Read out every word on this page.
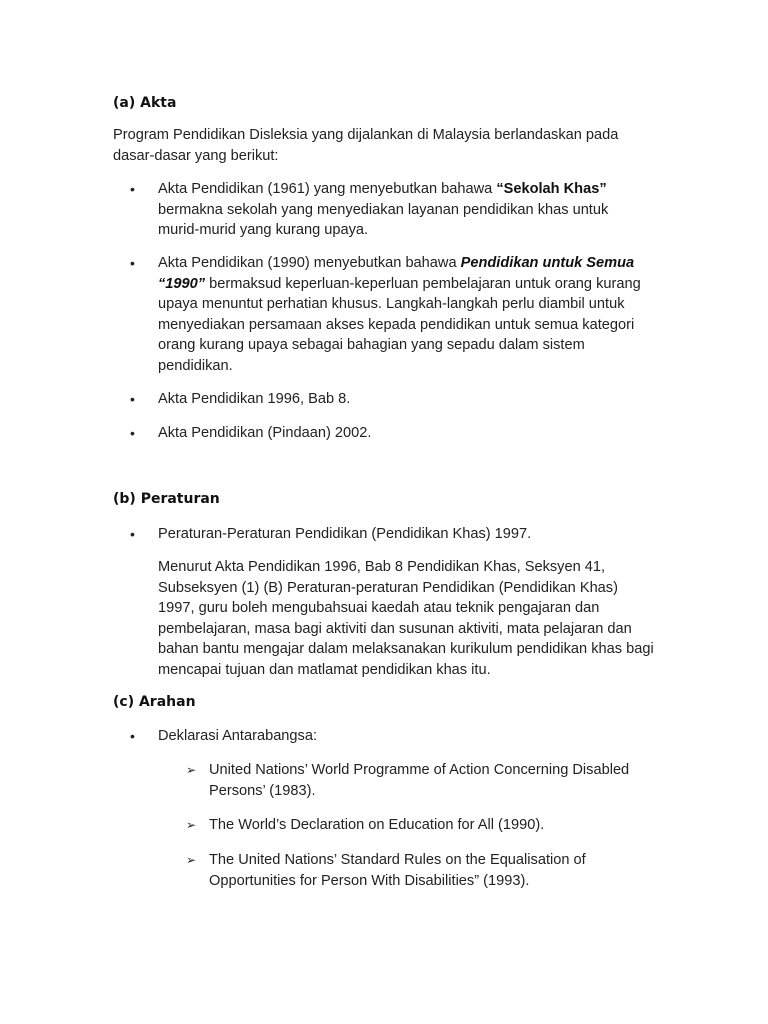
(a) Akta

Program Pendidikan Disleksia yang dijalankan di Malaysia berlandaskan pada dasar-dasar yang berikut:

•	Akta Pendidikan (1961) yang menyebutkan bahawa “Sekolah Khas” bermakna sekolah yang menyediakan layanan pendidikan khas untuk murid-murid yang kurang upaya.
•	Akta Pendidikan (1990) menyebutkan bahawa Pendidikan untuk Semua “1990” bermaksud keperluan-keperluan pembelajaran untuk orang kurang upaya menuntut perhatian khusus. Langkah-langkah perlu diambil untuk menyediakan persamaan akses kepada pendidikan untuk semua kategori orang kurang upaya sebagai bahagian yang sepadu dalam sistem pendidikan.
•	Akta Pendidikan 1996, Bab 8.
•	Akta Pendidikan (Pindaan) 2002.
(b) Peraturan
•	Peraturan-Peraturan Pendidikan (Pendidikan Khas) 1997.

Menurut Akta Pendidikan 1996, Bab 8 Pendidikan Khas, Seksyen 41, Subseksyen (1) (B) Peraturan-peraturan Pendidikan (Pendidikan Khas) 1997, guru boleh mengubahsuai kaedah atau teknik pengajaran dan pembelajaran, masa bagi aktiviti dan susunan aktiviti, mata pelajaran dan bahan bantu mengajar dalam melaksanakan kurikulum pendidikan khas bagi mencapai tujuan dan matlamat pendidikan khas itu.

(c) Arahan
•	Deklarasi Antarabangsa:
➢ United Nations’ World Programme of Action Concerning Disabled Persons’ (1983).
➢ The World’s Declaration on Education for All (1990).
➢ The United Nations’ Standard Rules on the Equalisation of Opportunities for Person With Disabilities” (1993).
